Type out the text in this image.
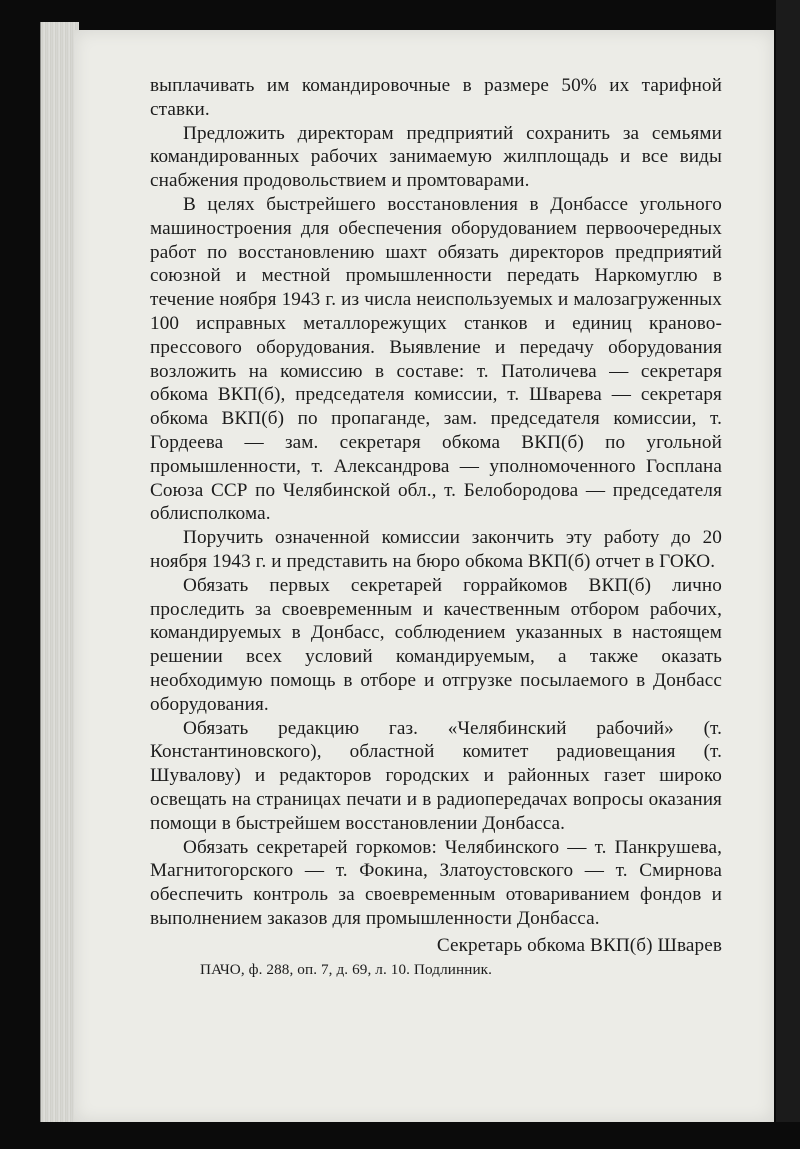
выплачивать им командировочные в размере 50% их тарифной ставки.

Предложить директорам предприятий сохранить за семьями командированных рабочих занимаемую жилплощадь и все виды снабжения продовольствием и промтоварами.

В целях быстрейшего восстановления в Донбассе угольного машиностроения для обеспечения оборудованием первоочередных работ по восстановлению шахт обязать директоров предприятий союзной и местной промышленности передать Наркомуглю в течение ноября 1943 г. из числа неиспользуемых и малозагруженных 100 исправных металлорежущих станков и единиц краново-прессового оборудования. Выявление и передачу оборудования возложить на комиссию в составе: т. Патоличева — секретаря обкома ВКП(б), председателя комиссии, т. Шварева — секретаря обкома ВКП(б) по пропаганде, зам. председателя комиссии, т. Гордеева — зам. секретаря обкома ВКП(б) по угольной промышленности, т. Александрова — уполномоченного Госплана Союза ССР по Челябинской обл., т. Белобородова — председателя облисполкома.

Поручить означенной комиссии закончить эту работу до 20 ноября 1943 г. и представить на бюро обкома ВКП(б) отчет в ГОКО.

Обязать первых секретарей горрайкомов ВКП(б) лично проследить за своевременным и качественным отбором рабочих, командируемых в Донбасс, соблюдением указанных в настоящем решении всех условий командируемым, а также оказать необходимую помощь в отборе и отгрузке посылаемого в Донбасс оборудования.

Обязать редакцию газ. «Челябинский рабочий» (т. Константиновского), областной комитет радиовещания (т. Шувалову) и редакторов городских и районных газет широко освещать на страницах печати и в радиопередачах вопросы оказания помощи в быстрейшем восстановлении Донбасса.

Обязать секретарей горкомов: Челябинского — т. Панкрушева, Магнитогорского — т. Фокина, Златоустовского — т. Смирнова обеспечить контроль за своевременным отовариванием фондов и выполнением заказов для промышленности Донбасса.

Секретарь обкома ВКП(б) Шварев

ПАЧО, ф. 288, оп. 7, д. 69, л. 10. Подлинник.
